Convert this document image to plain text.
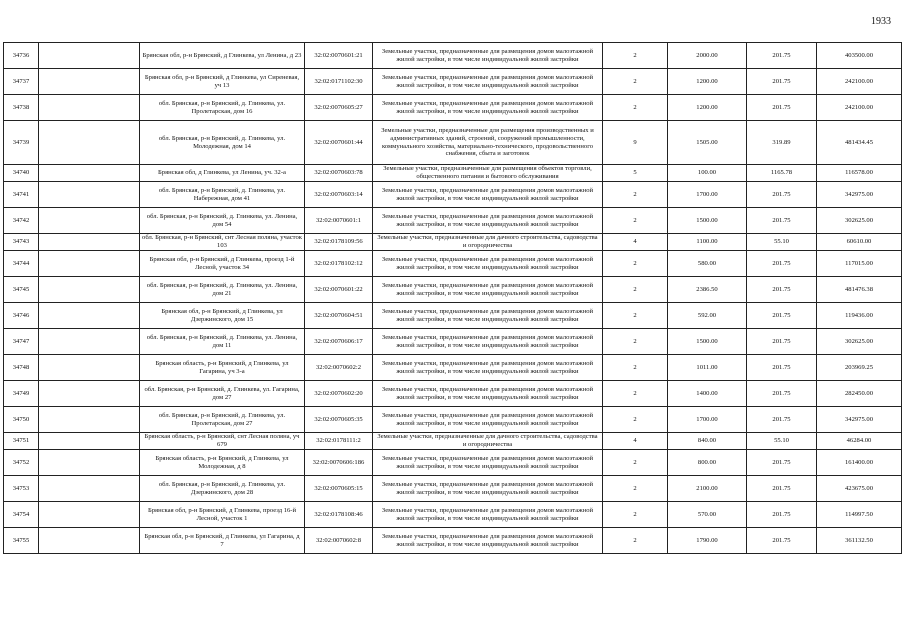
1933
34736		Брянская обл, р-н Брянский, д Глинкева, ул Ленина, д 23	32:02:0070601:21	Земельные участки, предназначенные для размещения домов малоэтажной жилой застройки, в том числе индивидуальной жилой застройки	2	2000.00	201.75	403500.00
34737		Брянская обл, р-н Брянский, д Глинкева, ул Сиреневая, уч 13	32:02:0171102:30	Земельные участки, предназначенные для размещения домов малоэтажной жилой застройки, в том числе индивидуальной жилой застройки	2	1200.00	201.75	242100.00
34738		обл. Брянская, р-н Брянский, д. Глинкева, ул. Пролетарская, дом 16	32:02:0070605:27	Земельные участки, предназначенные для размещения домов малоэтажной жилой застройки, в том числе индивидуальной жилой застройки	2	1200.00	201.75	242100.00
34739		обл. Брянская, р-н Брянский, д. Глинкева, ул. Молодежная, дом 14	32:02:0070601:44	Земельные участки, предназначенные для размещения производственных и административных зданий, строений, сооружений промышленности, коммунального хозяйства, материально-технического, продовольственного снабжения, сбыта и заготовок	9	1505.00	319.89	481434.45
34740		Брянская обл, д Глинкева, ул Ленина, уч. 32-а	32:02:0070603:78	Земельные участки, предназначенные для размещения объектов торговли, общественного питания и бытового обслуживания	5	100.00	1165.78	116578.00
34741		обл. Брянская, р-н Брянский, д. Глинкева, ул. Набережная, дом 41	32:02:0070603:14	Земельные участки, предназначенные для размещения домов малоэтажной жилой застройки, в том числе индивидуальной жилой застройки	2	1700.00	201.75	342975.00
34742		обл. Брянская, р-н Брянский, д. Глинкева, ул. Ленина, дом 54	32:02:0070601:1	Земельные участки, предназначенные для размещения домов малоэтажной жилой застройки, в том числе индивидуальной жилой застройки	2	1500.00	201.75	302625.00
34743		обл. Брянская, р-н Брянский, снт Лесная поляна, участок 103	32:02:0178109:56	Земельные участки, предназначенные для дачного строительства, садоводства и огородничества	4	1100.00	55.10	60610.00
34744		Брянская обл, р-н Брянский, д Глинкева, проезд 1-й Лесной, участок 34	32:02:0178102:12	Земельные участки, предназначенные для размещения домов малоэтажной жилой застройки, в том числе индивидуальной жилой застройки	2	580.00	201.75	117015.00
34745		обл. Брянская, р-н Брянский, д. Глинкева, ул. Ленина, дом 21	32:02:0070601:22	Земельные участки, предназначенные для размещения домов малоэтажной жилой застройки, в том числе индивидуальной жилой застройки	2	2386.50	201.75	481476.38
34746		Брянская обл, р-н Брянский, д Глинкева, ул Дзержинского, дом 15	32:02:0070604:51	Земельные участки, предназначенные для размещения домов малоэтажной жилой застройки, в том числе индивидуальной жилой застройки	2	592.00	201.75	119436.00
34747		обл. Брянская, р-н Брянский, д. Глинкева, ул. Ленина, дом 11	32:02:0070606:17	Земельные участки, предназначенные для размещения домов малоэтажной жилой застройки, в том числе индивидуальной жилой застройки	2	1500.00	201.75	302625.00
34748		Брянская область, р-н Брянский, д Глинкева, ул Гагарина, уч 3-а	32:02:0070602:2	Земельные участки, предназначенные для размещения домов малоэтажной жилой застройки, в том числе индивидуальной жилой застройки	2	1011.00	201.75	203969.25
34749		обл. Брянская, р-н Брянский, д. Глинкева, ул. Гагарина, дом 27	32:02:0070602:20	Земельные участки, предназначенные для размещения домов малоэтажной жилой застройки, в том числе индивидуальной жилой застройки	2	1400.00	201.75	282450.00
34750		обл. Брянская, р-н Брянский, д. Глинкева, ул. Пролетарская, дом 27	32:02:0070605:35	Земельные участки, предназначенные для размещения домов малоэтажной жилой застройки, в том числе индивидуальной жилой застройки	2	1700.00	201.75	342975.00
34751		Брянская область, р-н Брянский, снт Лесная поляна, уч 679	32:02:0178111:2	Земельные участки, предназначенные для дачного строительства, садоводства и огородничества	4	840.00	55.10	46284.00
34752		Брянская область, р-н Брянский, д Глинкева, ул Молодежная, д 8	32:02:0070606:186	Земельные участки, предназначенные для размещения домов малоэтажной жилой застройки, в том числе индивидуальной жилой застройки	2	800.00	201.75	161400.00
34753		обл. Брянская, р-н Брянский, д. Глинкева, ул. Дзержинского, дом 28	32:02:0070605:15	Земельные участки, предназначенные для размещения домов малоэтажной жилой застройки, в том числе индивидуальной жилой застройки	2	2100.00	201.75	423675.00
34754		Брянская обл, р-н Брянский, д Глинкева, проезд 16-й Лесной, участок 1	32:02:0178108:46	Земельные участки, предназначенные для размещения домов малоэтажной жилой застройки, в том числе индивидуальной жилой застройки	2	570.00	201.75	114997.50
34755		Брянская обл, р-н Брянский, д Глинкева, ул Гагарина, д 7	32:02:0070602:8	Земельные участки, предназначенные для размещения домов малоэтажной жилой застройки, в том числе индивидуальной жилой застройки	2	1790.00	201.75	361132.50
